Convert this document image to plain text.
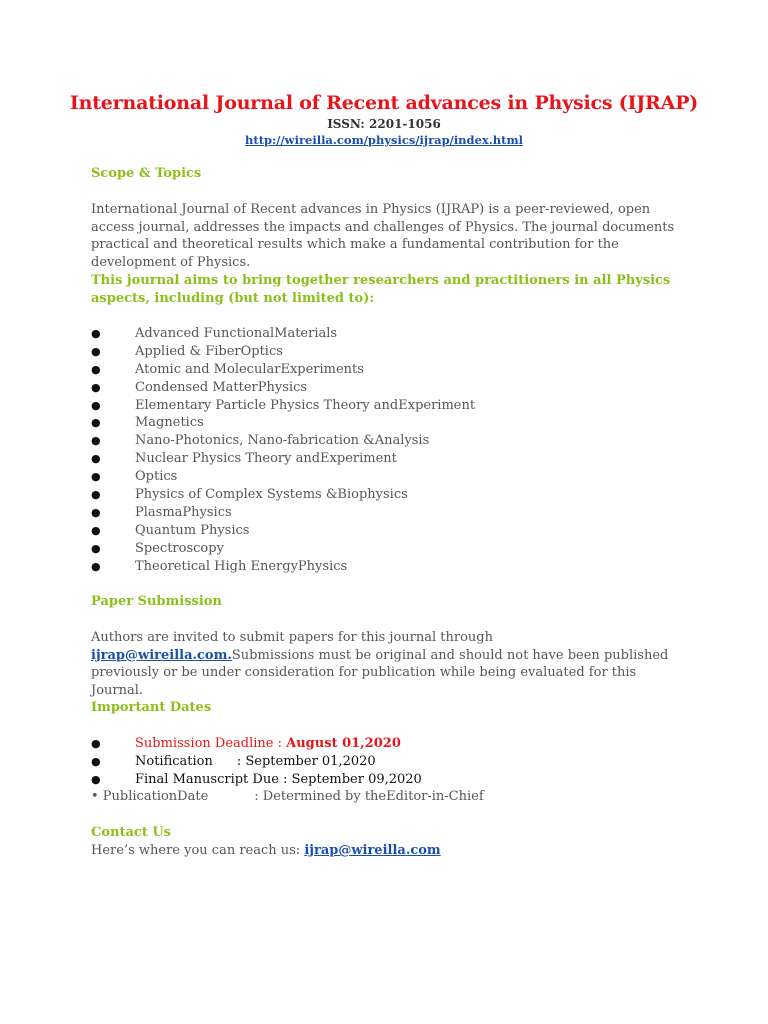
International Journal of Recent advances in Physics (IJRAP)
ISSN: 2201-1056
http://wireilla.com/physics/ijrap/index.html
Scope & Topics
International Journal of Recent advances in Physics (IJRAP) is a peer-reviewed, open access journal, addresses the impacts and challenges of Physics. The journal documents practical and theoretical results which make a fundamental contribution for the development of Physics.
This journal aims to bring together researchers and practitioners in all Physics aspects, including (but not limited to):
●	Advanced FunctionalMaterials
●	Applied & FiberOptics
●	Atomic and MolecularExperiments
●	Condensed MatterPhysics
●	Elementary Particle Physics Theory andExperiment
●	Magnetics
●	Nano-Photonics, Nano-fabrication &Analysis
●	Nuclear Physics Theory andExperiment
●	Optics
●	Physics of Complex Systems &Biophysics
●	PlasmaPhysics
●	Quantum Physics
●	Spectroscopy
●	Theoretical High EnergyPhysics
Paper Submission
Authors are invited to submit papers for this journal through ijrap@wireilla.com.Submissions must be original and should not have been published previously or be under consideration for publication while being evaluated for this Journal.
Important Dates
●	Submission Deadline : August 01,2020
●	Notification : September 01,2020
●	Final Manuscript Due : September 09,2020
• PublicationDate	: Determined by theEditor-in-Chief
Contact Us
Here’s where you can reach us: ijrap@wireilla.com
